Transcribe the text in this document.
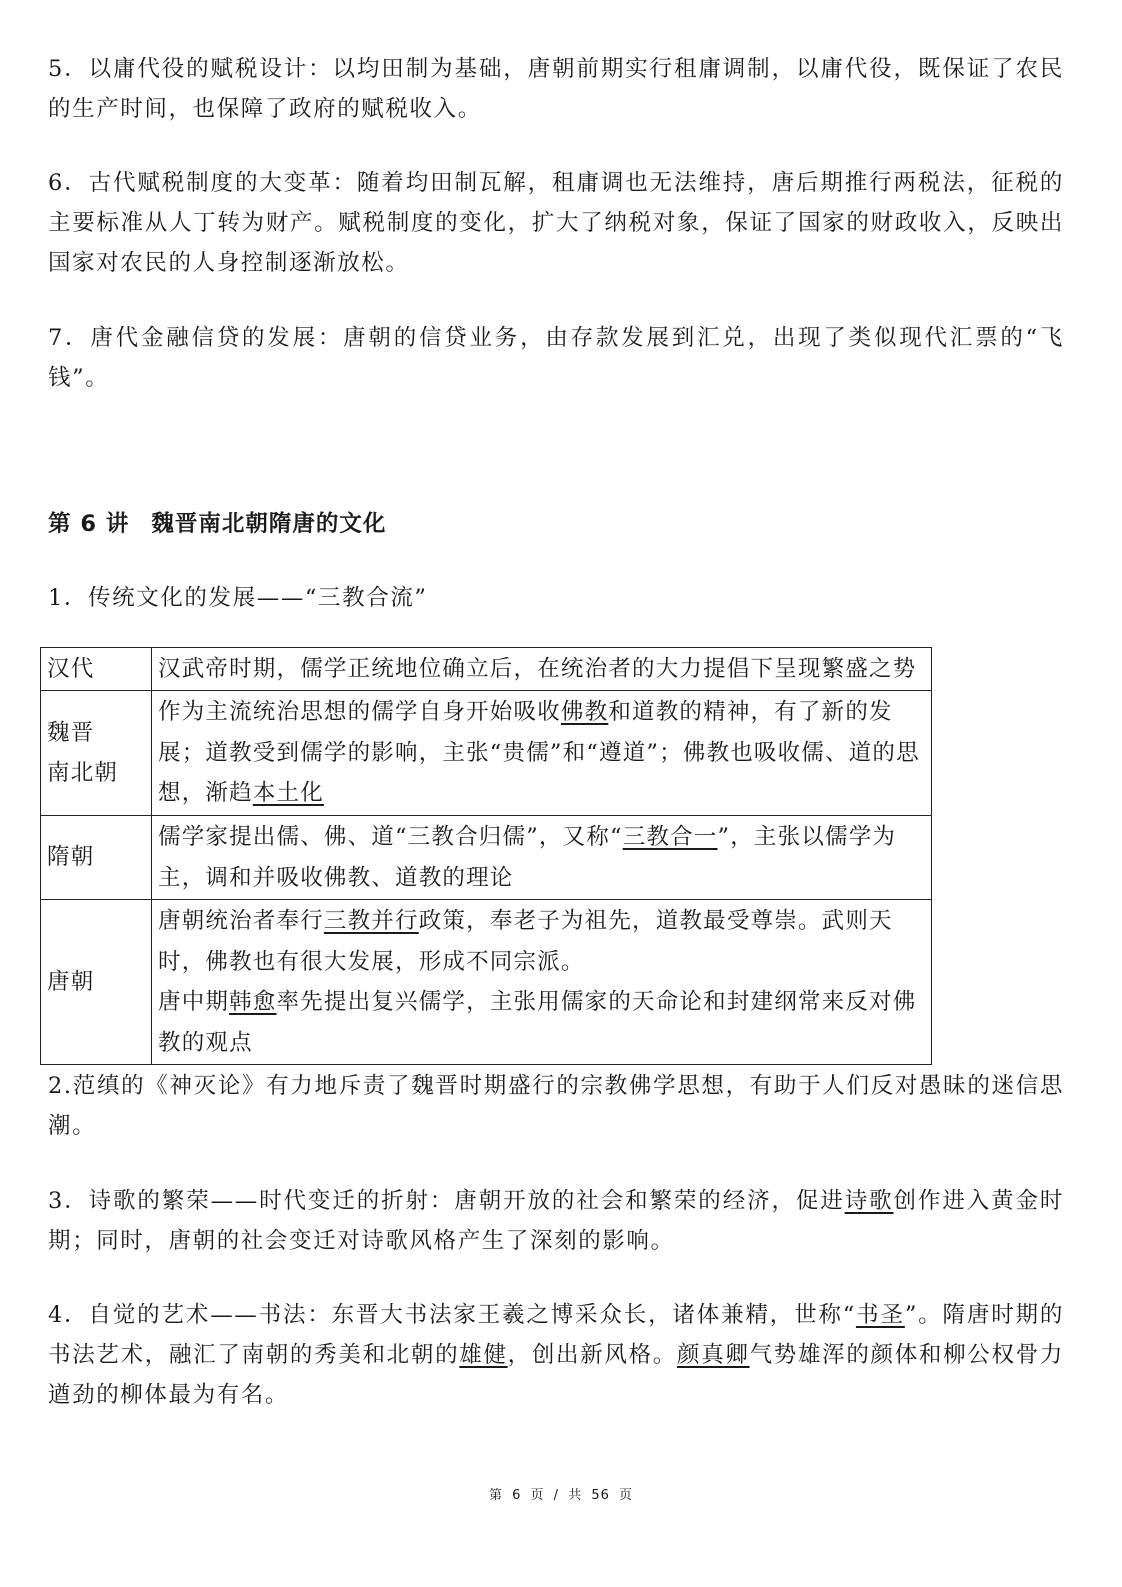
5．以庸代役的赋税设计：以均田制为基础，唐朝前期实行租庸调制，以庸代役，既保证了农民的生产时间，也保障了政府的赋税收入。

6．古代赋税制度的大变革：随着均田制瓦解，租庸调也无法维持，唐后期推行两税法，征税的主要标准从人丁转为财产。赋税制度的变化，扩大了纳税对象，保证了国家的财政收入，反映出国家对农民的人身控制逐渐放松。

7．唐代金融信贷的发展：唐朝的信贷业务，由存款发展到汇兑，出现了类似现代汇票的“飞钱”。

第 6 讲 魏晋南北朝隋唐的文化

1．传统文化的发展——“三教合流”

汉代	汉武帝时期，儒学正统地位确立后，在统治者的大力提倡下呈现繁盛之势
魏晋
南北朝	作为主流统治思想的儒学自身开始吸收佛教和道教的精神，有了新的发展；道教受到儒学的影响，主张“贵儒”和“遵道”；佛教也吸收儒、道的思想，渐趋本土化
隋朝	儒学家提出儒、佛、道“三教合归儒”，又称“三教合一”，主张以儒学为主，调和并吸收佛教、道教的理论
唐朝	唐朝统治者奉行三教并行政策，奉老子为祖先，道教最受尊崇。武则天时，佛教也有很大发展，形成不同宗派。
唐中期韩愈率先提出复兴儒学，主张用儒家的天命论和封建纲常来反对佛教的观点

2.范缜的《神灭论》有力地斥责了魏晋时期盛行的宗教佛学思想，有助于人们反对愚昧的迷信思潮。

3．诗歌的繁荣——时代变迁的折射：唐朝开放的社会和繁荣的经济，促进诗歌创作进入黄金时期；同时，唐朝的社会变迁对诗歌风格产生了深刻的影响。

4．自觉的艺术——书法：东晋大书法家王羲之博采众长，诸体兼精，世称“书圣”。隋唐时期的书法艺术，融汇了南朝的秀美和北朝的雄健，创出新风格。颜真卿气势雄浑的颜体和柳公权骨力遒劲的柳体最为有名。

第 6 页 / 共 56 页
